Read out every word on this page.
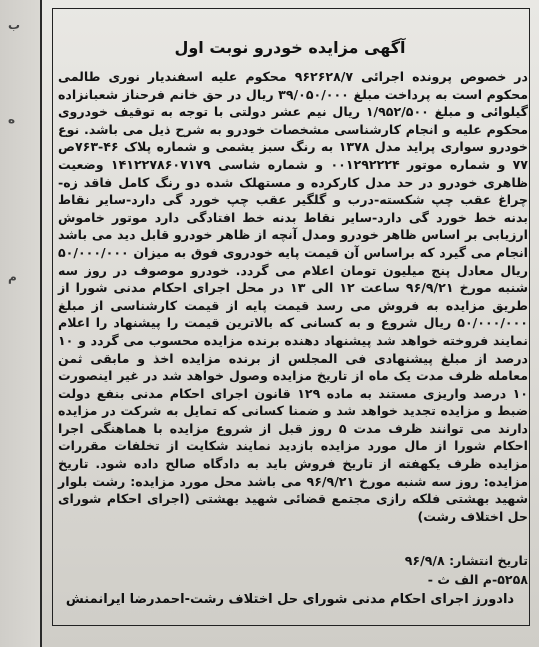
ب
ه
م
آگهی مزایده خودرو نوبت اول
در خصوص پرونده اجرائی ۹۶۲۶۲۸/۷ محکوم علیه اسفندیار نوری طالمی محکوم است به پرداخت مبلغ ۳۹/۰۵۰/۰۰۰ ریال در حق خانم فرحناز شعبانزاده گیلوائی و مبلغ ۱/۹۵۲/۵۰۰ ریال نیم عشر دولتی با توجه به توقیف خودروی محکوم علیه و انجام کارشناسی مشخصات خودرو به شرح ذیل می باشد. نوع خودرو سواری پراید مدل ۱۳۷۸ به رنگ سبز یشمی و شماره پلاک ۴۶-۷۶۳ص ۷۷ و شماره موتور ۰۰۱۲۹۲۲۲۴ و شماره شاسی ۱۴۱۲۲۷۸۶۰۷۱۷۹ وضعیت ظاهری خودرو در حد مدل کارکرده و مستهلک شده دو رنگ کامل فاقد زه-چراغ عقب چپ شکسته-درب و گلگیر عقب چپ خورد گی دارد-سایر نقاط بدنه خط خورد گی دارد-سایر نقاط بدنه خط افتادگی دارد موتور خاموش ارزیابی بر اساس ظاهر خودرو ومدل آنچه از ظاهر خودرو قابل دید می باشد انجام می گیرد که براساس آن قیمت پایه خودروی فوق به میزان ۵۰/۰۰۰/۰۰۰ ریال معادل پنج میلیون تومان اعلام می گردد. خودرو موصوف در روز سه شنبه مورخ ۹۶/۹/۲۱ ساعت ۱۲ الی ۱۳ در محل اجرای احکام مدنی شورا از طریق مزایده به فروش می رسد قیمت پایه از قیمت کارشناسی از مبلغ ۵۰/۰۰۰/۰۰۰ ریال شروع و به کسانی که بالاترین قیمت را پیشنهاد را اعلام نمایند فروخته خواهد شد پیشنهاد دهنده برنده مزایده محسوب می گردد و ۱۰ درصد از مبلغ پیشنهادی فی المجلس از برنده مزایده اخذ و مابقی ثمن معامله ظرف مدت یک ماه از تاریخ مزایده وصول خواهد شد در غیر اینصورت ۱۰ درصد واریزی مستند به ماده ۱۲۹ قانون اجرای احکام مدنی بنفع دولت ضبط و مزایده تجدید خواهد شد و ضمنا کسانی که تمایل به شرکت در مزایده دارند می توانند ظرف مدت ۵ روز قبل از شروع مزایده با هماهنگی اجرا احکام شورا از مال مورد مزایده بازدید نمایند شکایت از تخلفات مقررات مزایده ظرف یکهفته از تاریخ فروش باید به دادگاه صالح داده شود. تاریخ مزایده: روز سه شنبه مورخ ۹۶/۹/۲۱ می باشد محل مورد مزایده: رشت بلوار شهید بهشتی فلکه رازی مجتمع قضائی شهید بهشتی (اجرای احکام شورای حل اختلاف رشت)
تاریخ انتشار: ۹۶/۹/۸
۵۲۵۸-م الف ث -
دادورز اجرای احکام مدنی شورای حل اختلاف رشت-احمدرضا ایرانمنش
